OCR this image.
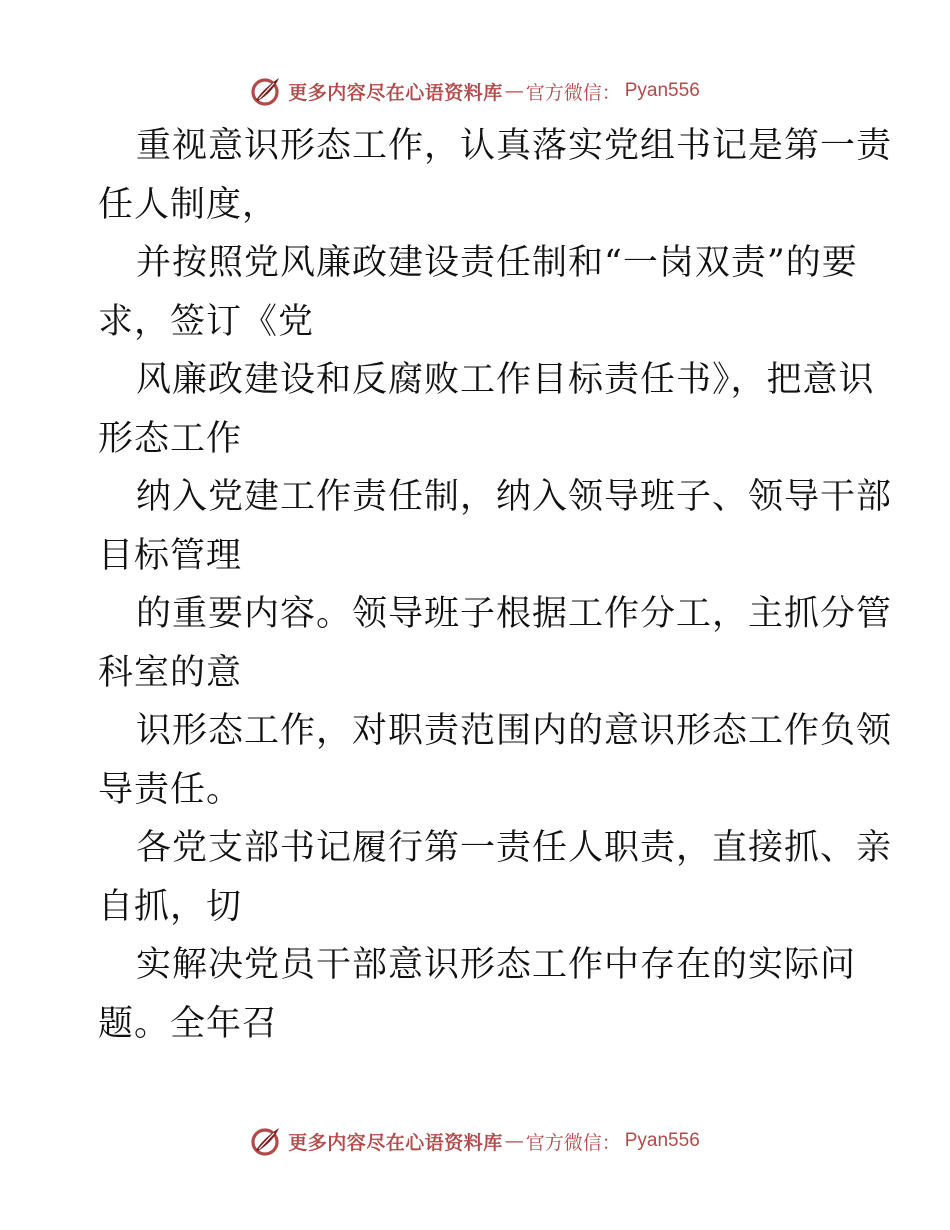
更多内容尽在心语资料库 — 官方微信： Pyan556
重视意识形态工作，认真落实党组书记是第一责
任人制度，
并按照党风廉政建设责任制和“一岗双责”的要
求，签订《党
风廉政建设和反腐败工作目标责任书》，把意识
形态工作
纳入党建工作责任制，纳入领导班子、领导干部
目标管理
的重要内容。领导班子根据工作分工，主抓分管
科室的意
识形态工作，对职责范围内的意识形态工作负领
导责任。
各党支部书记履行第一责任人职责，直接抓、亲
自抓，切
实解决党员干部意识形态工作中存在的实际问
题。全年召
更多内容尽在心语资料库 — 官方微信： Pyan556
